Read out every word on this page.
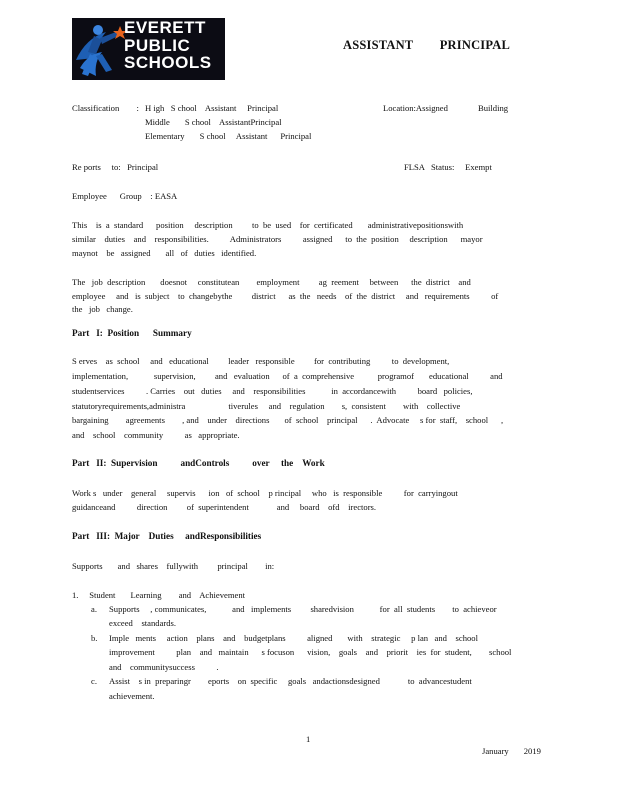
EVERETT
PUBLIC
SCHOOLS
ASSISTANT        PRINCIPAL
Classification        : H igh   S chool    Assistant     Principal
Middle       S chool    AssistantPrincipal
Elementary       S chool     Assistant      Principal
Location:Assigned              Building
Re ports     to:   Principal	FLSA   Status:     Exempt
Employee      Group    : EASA
This    is  a  standard      position     description         to  be  used    for  certificated       administrativepositionswith
similar    duties    and    responsibilities.          Administrators          assigned      to  the  position     description      mayor
maynot    be   assigned       all   of   duties   identified.
The   job  description       doesnot     constitutean        employment         ag  reement     between      the  district    and
employee     and   is  subject    to  changebythe         district      as  the   needs    of  the  district     and   requirements          of
the   job   change.
Part   I:  Position      Summary
S erves    as  school     and   educational         leader   responsible         for  contributing          to  development,
implementation,            supervision,         and   evaluation      of  a  comprehensive           programof       educational          and
studentservices          . Carries    out   duties     and    responsibilities            in  accordancewith          board   policies,
statutoryrequirements,administra                    tiverules     and    regulation        s,  consistent        with    collective
bargaining        agreements        , and    under    directions       of  school    principal      .  Advocate     s for  staff,    school      ,
and    school    community          as   appropriate.
Part   II:  Supervision          andControls          over     the    Work
Work s   under    general     supervis      ion   of  school    p rincipal     who   is  responsible          for  carryingout
guidanceand          direction         of  superintendent             and     board    ofd    irectors.
Part   III:  Major    Duties     andResponsibilities
Supports       and   shares    fullywith         principal        in:
1.     Student       Learning        and    Achievement
a. Supports     , communicates,            and   implements         sharedvision            for  all  students        to  achieveor
exceed    standards.
b. Imple   ments     action    plans    and    budgetplans          aligned       with    strategic     p lan   and    school
improvement          plan    and   maintain      s focuson      vision,    goals    and    priorit    ies  for  student,        school
and    communitysuccess          .
c. Assist    s in  preparingr        eports    on  specific     goals   andactionsdesigned             to  advancestudent
achievement.
1
January       2019
